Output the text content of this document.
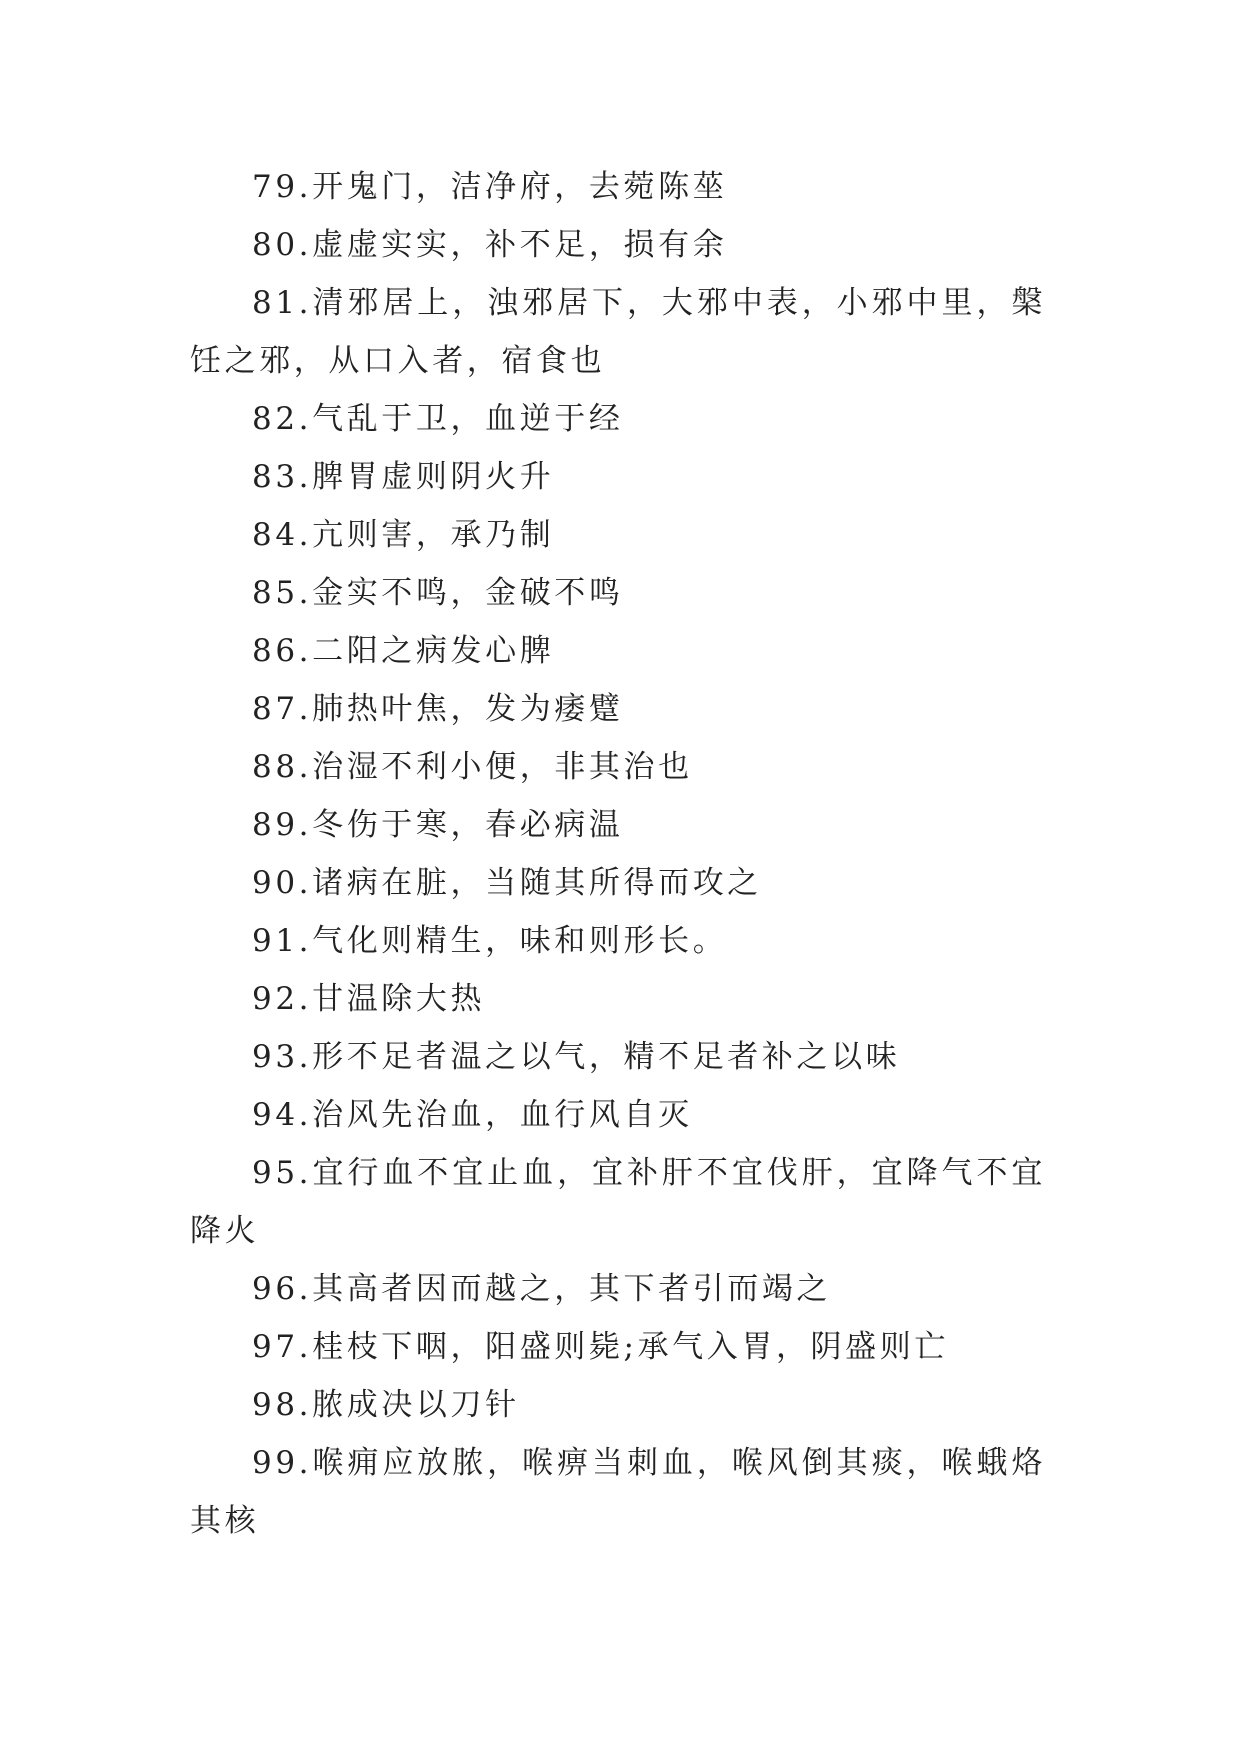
79.开鬼门，洁净府，去菀陈莝

80.虚虚实实，补不足，损有余

81.清邪居上，浊邪居下，大邪中表，小邪中里，槃饪之邪，从口入者，宿食也

82.气乱于卫，血逆于经

83.脾胃虚则阴火升

84.亢则害，承乃制

85.金实不鸣，金破不鸣

86.二阳之病发心脾

87.肺热叶焦，发为痿躄

88.治湿不利小便，非其治也

89.冬伤于寒，春必病温

90.诸病在脏，当随其所得而攻之

91.气化则精生，味和则形长。

92.甘温除大热

93.形不足者温之以气，精不足者补之以味

94.治风先治血，血行风自灭

95.宜行血不宜止血，宜补肝不宜伐肝，宜降气不宜降火

96.其高者因而越之，其下者引而竭之

97.桂枝下咽，阳盛则毙;承气入胃，阴盛则亡

98.脓成决以刀针

99.喉痈应放脓，喉痹当刺血，喉风倒其痰，喉蛾烙其核
